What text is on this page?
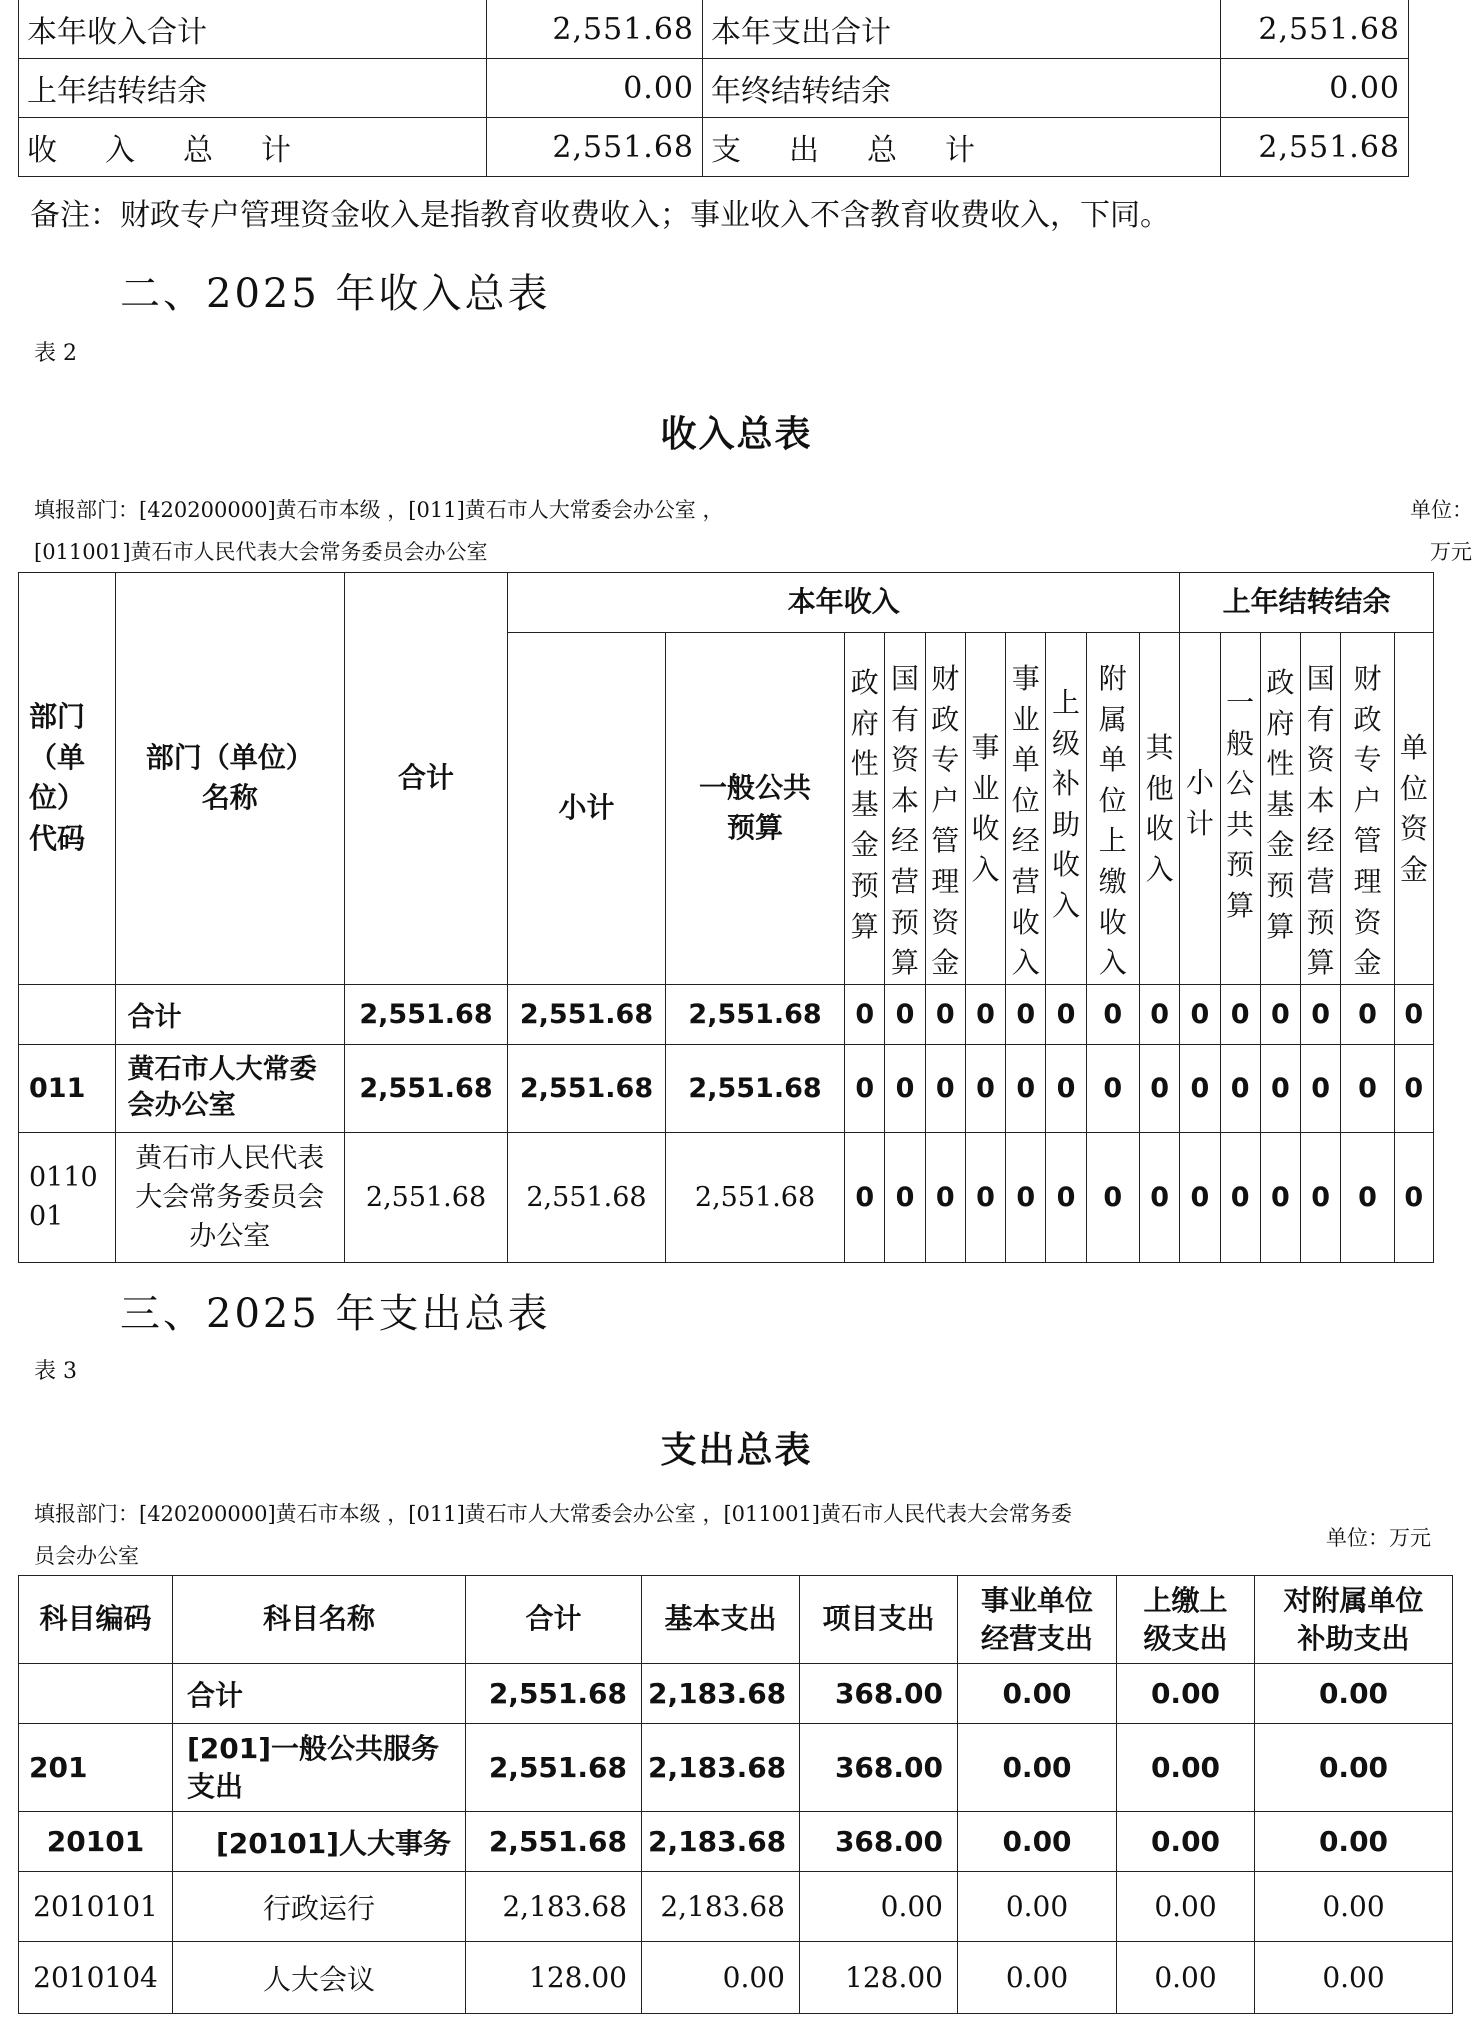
本年收入合计	2,551.68	本年支出合计	2,551.68
上年结转结余	0.00	年终结转结余	0.00
收入总计	2,551.68	支出总计	2,551.68
备注：财政专户管理资金收入是指教育收费收入；事业收入不含教育收费收入，下同。
二、2025 年收入总表
表 2
收入总表
填报部门：[420200000]黄石市本级 ，[011]黄石市人大常委会办公室 ，
[011001]黄石市人民代表大会常务委员会办公室
单位：
万元
部门（单位）代码	部门（单位）名称	合计	本年收入										上年结转结余					
			小计	一般公共预算	政府性基金预算	国有资本经营预算	财政专户管理资金	事业收入	事业单位经营收入	上级补助收入	附属单位上缴收入	其他收入	小计	一般公共预算	政府性基金预算	国有资本经营预算	财政专户管理资金	单位资金
	合计	2,551.68	2,551.68	2,551.68	0	0	0	0	0	0	0	0	0	0	0	0	0	0
011	黄石市人大常委会办公室	2,551.68	2,551.68	2,551.68	0	0	0	0	0	0	0	0	0	0	0	0	0	0
011001	黄石市人民代表大会常务委员会办公室	2,551.68	2,551.68	2,551.68	0	0	0	0	0	0	0	0	0	0	0	0	0	0
三、2025 年支出总表
表 3
支出总表
填报部门：[420200000]黄石市本级 ，[011]黄石市人大常委会办公室 ，[011001]黄石市人民代表大会常务委
员会办公室
单位：万元
科目编码	科目名称	合计	基本支出	项目支出	事业单位经营支出	上缴上级支出	对附属单位补助支出
	合计	2,551.68	2,183.68	368.00	0.00	0.00	0.00
201	[201]一般公共服务支出	2,551.68	2,183.68	368.00	0.00	0.00	0.00
20101	[20101]人大事务	2,551.68	2,183.68	368.00	0.00	0.00	0.00
2010101	行政运行	2,183.68	2,183.68	0.00	0.00	0.00	0.00
2010104	人大会议	128.00	0.00	128.00	0.00	0.00	0.00
